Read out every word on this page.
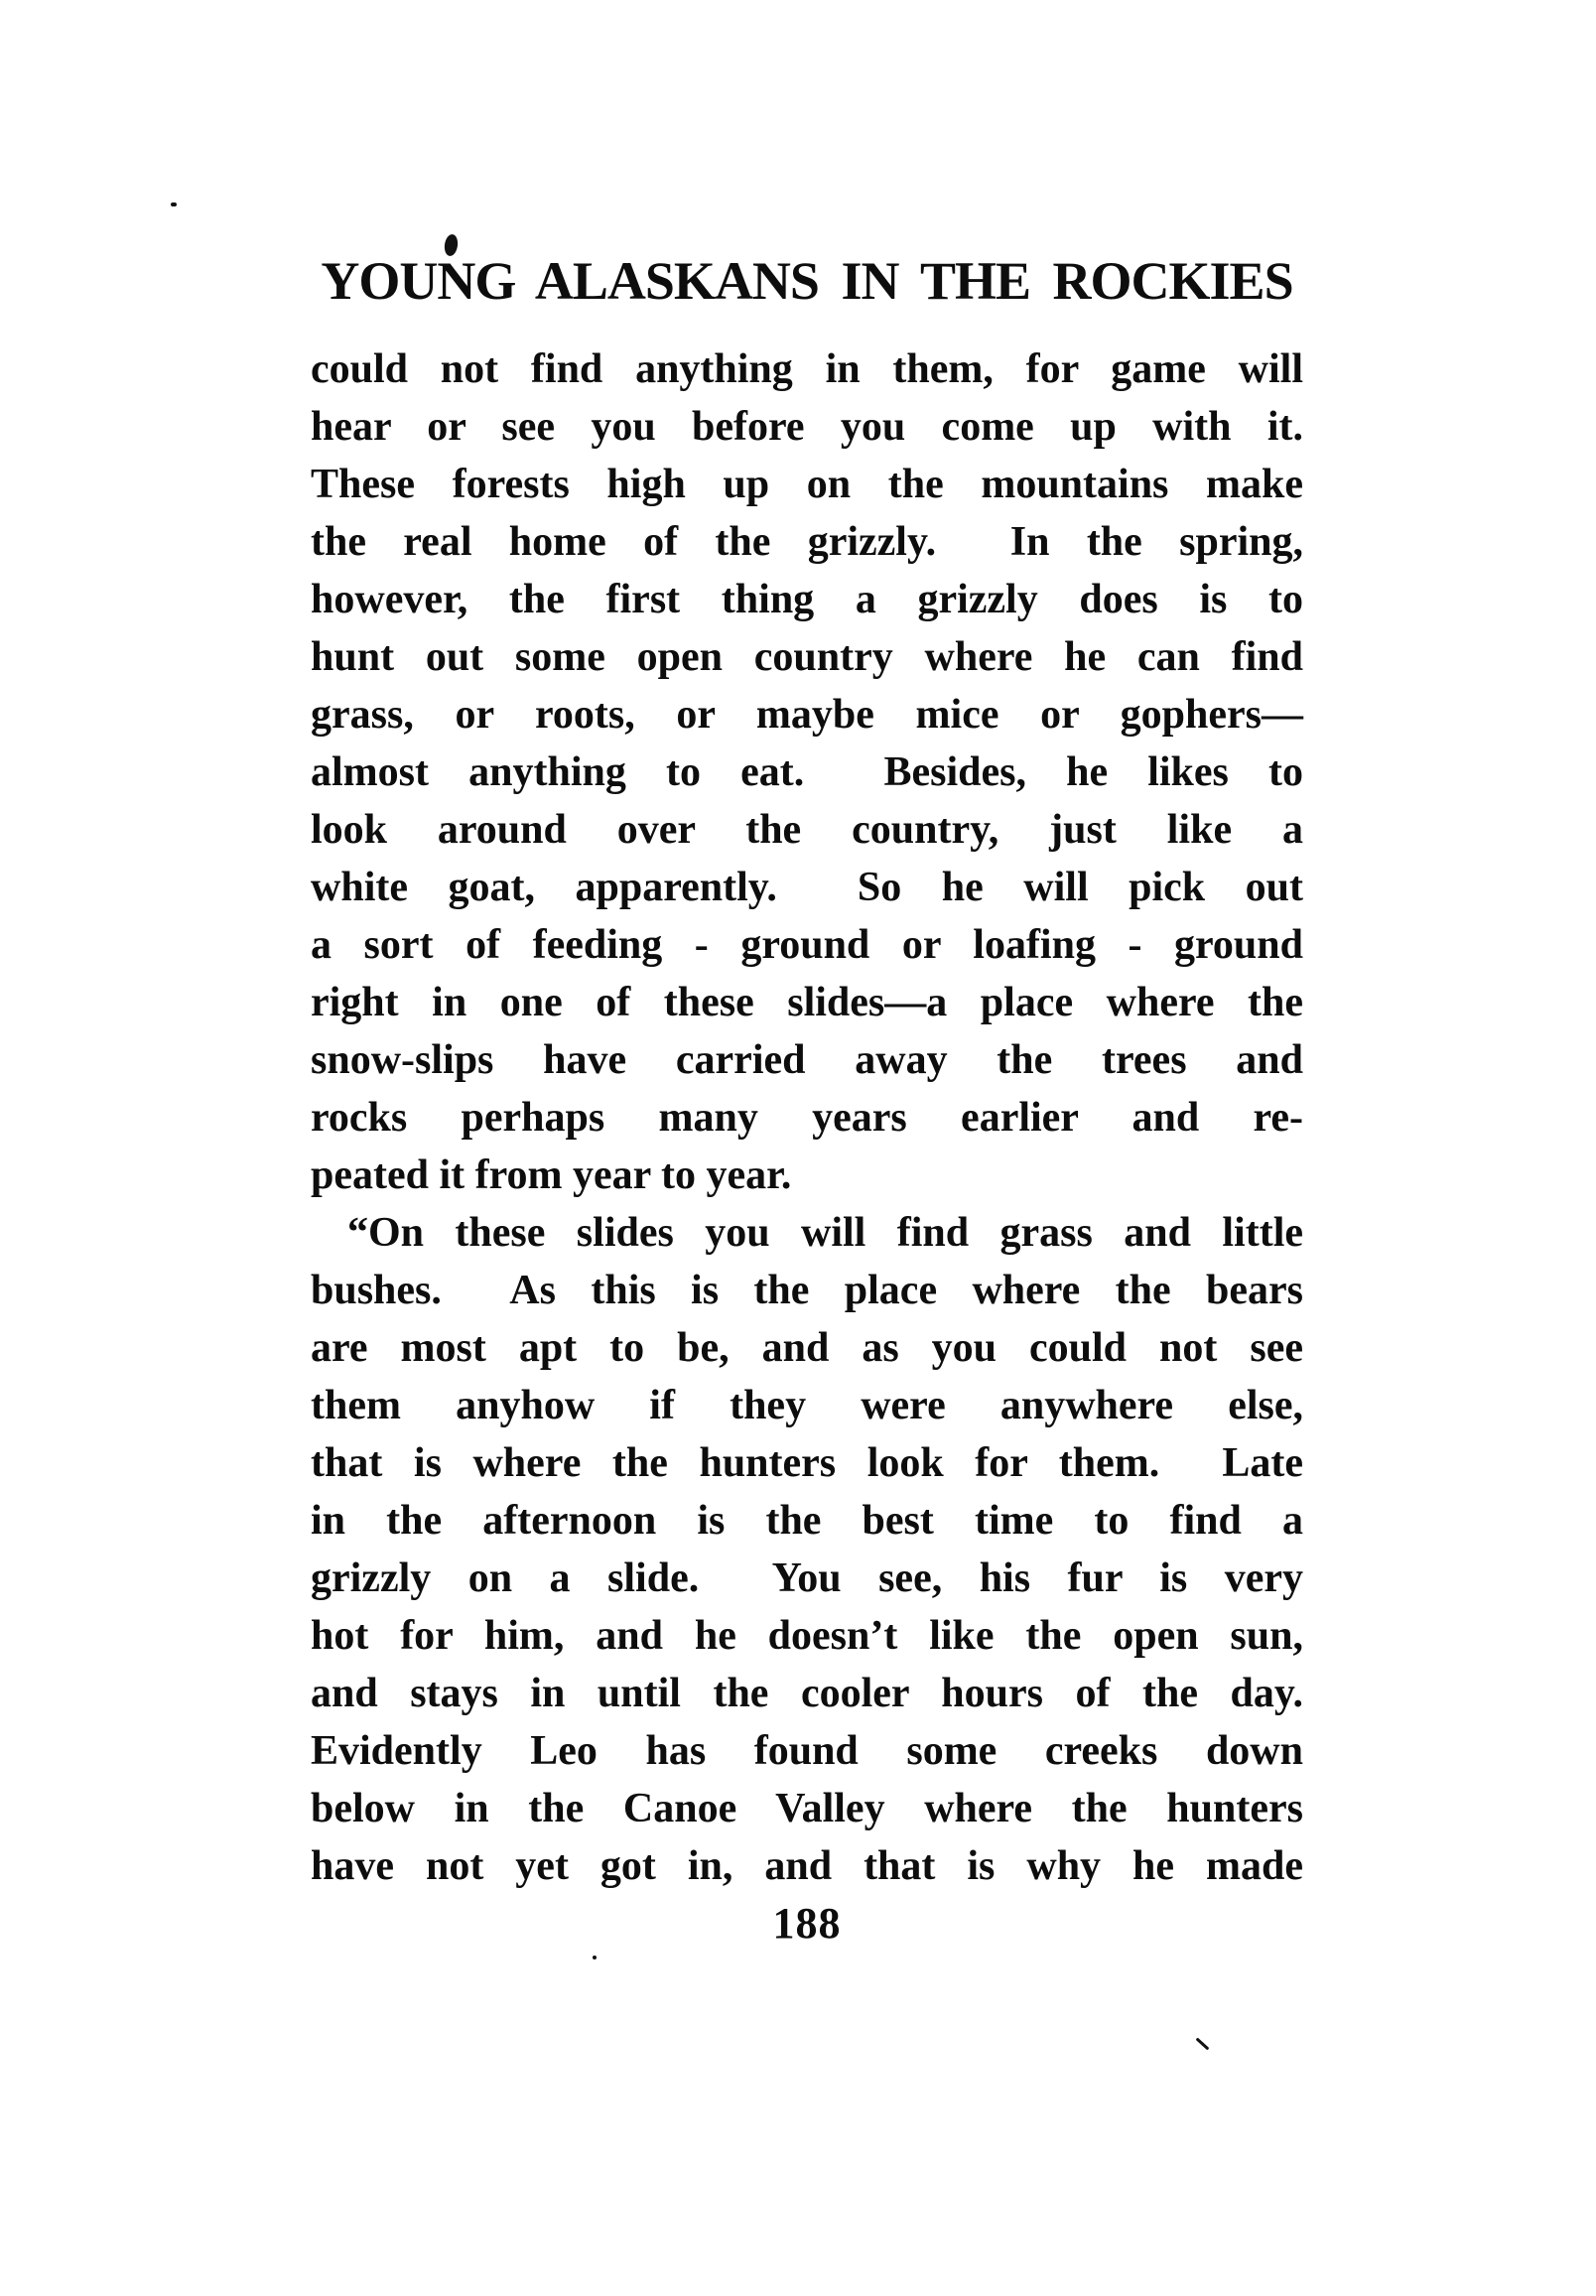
YOUNG ALASKANS IN THE ROCKIES
could not find anything in them, for game will
hear or see you before you come up with it.
These forests high up on the mountains make
the real home of the grizzly.  In the spring,
however, the first thing a grizzly does is to
hunt out some open country where he can find
grass, or roots, or maybe mice or gophers—
almost anything to eat.  Besides, he likes to
look around over the country, just like a
white goat, apparently.  So he will pick out
a sort of feeding - ground or loafing - ground
right in one of these slides—a place where the
snow-slips have carried away the trees and
rocks perhaps many years earlier and re-
peated it from year to year.
“On these slides you will find grass and little
bushes.  As this is the place where the bears
are most apt to be, and as you could not see
them anyhow if they were anywhere else,
that is where the hunters look for them.  Late
in the afternoon is the best time to find a
grizzly on a slide.  You see, his fur is very
hot for him, and he doesn’t like the open sun,
and stays in until the cooler hours of the day.
Evidently Leo has found some creeks down
below in the Canoe Valley where the hunters
have not yet got in, and that is why he made
188
